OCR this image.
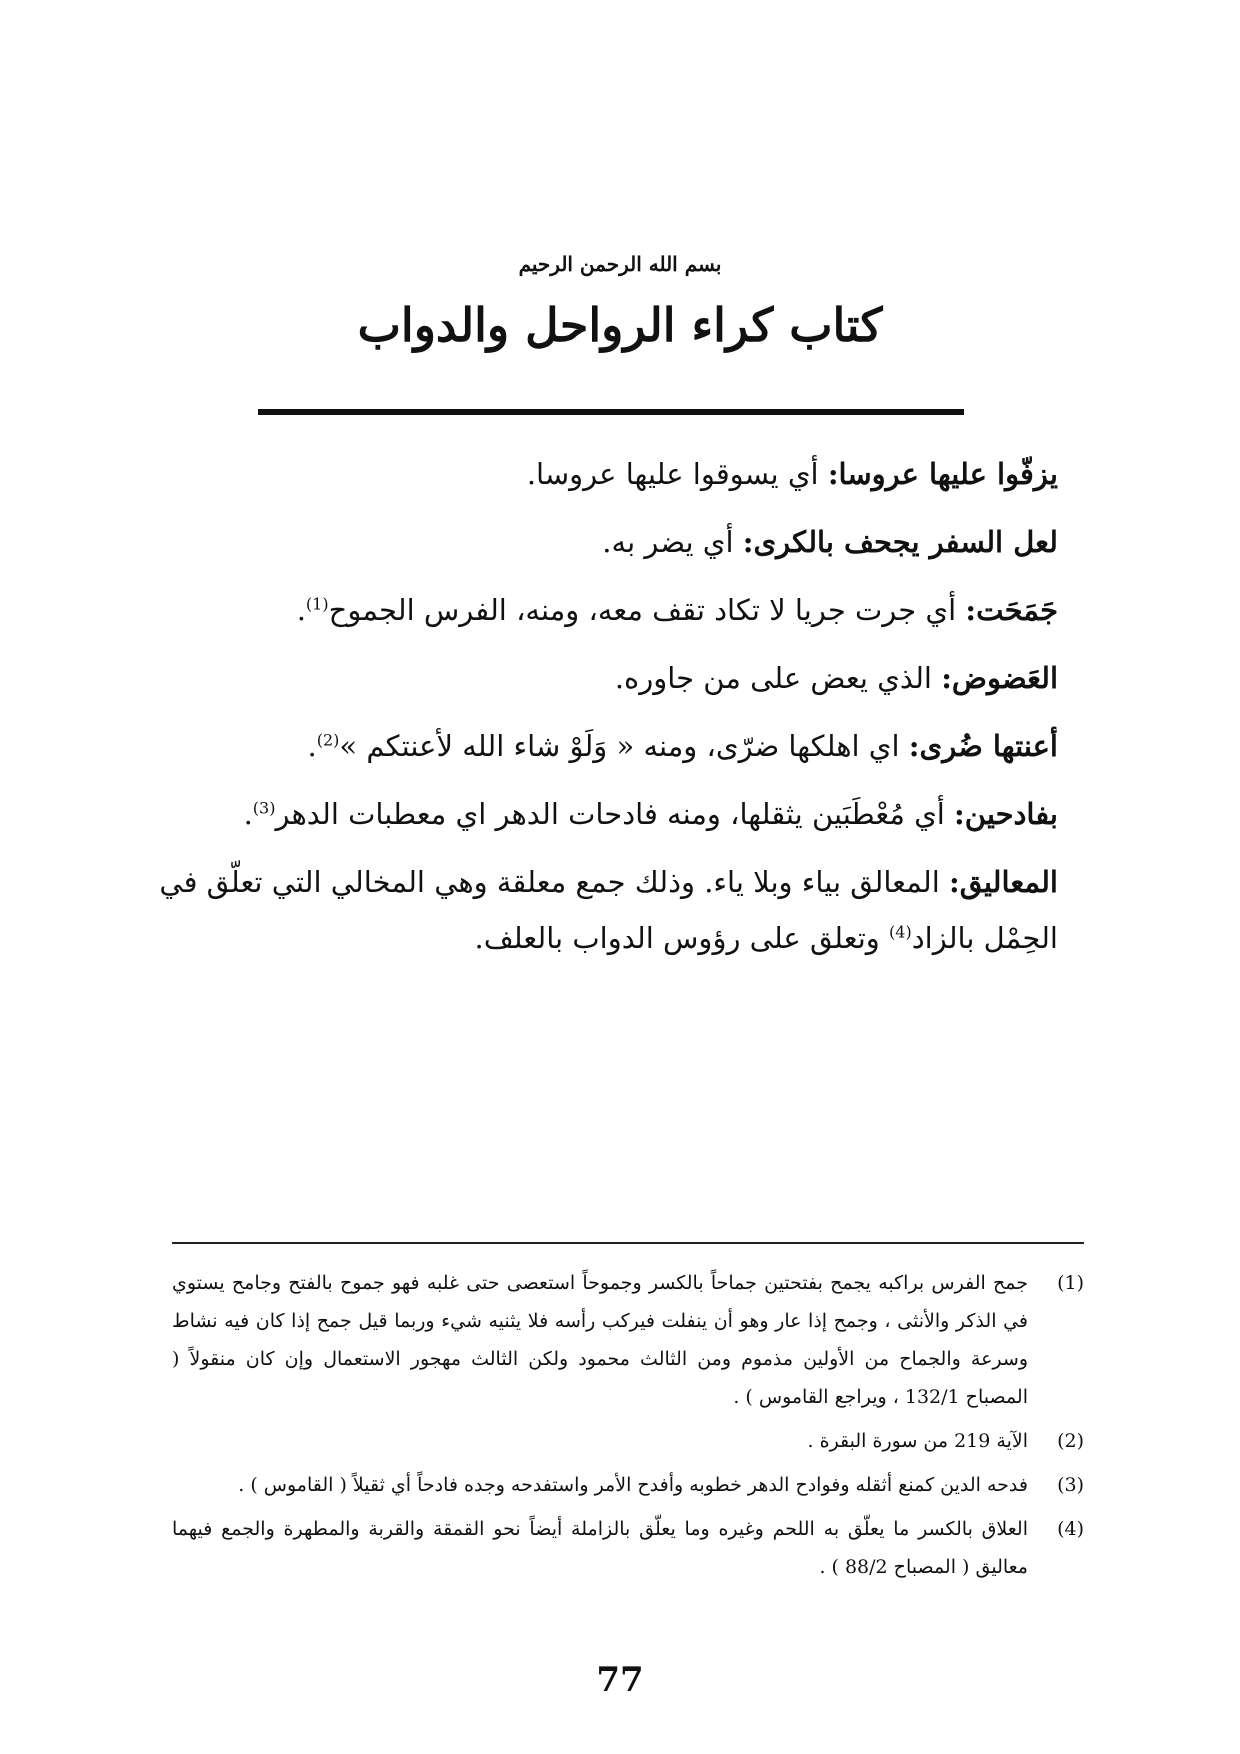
بسم الله الرحمن الرحيم
كتاب كراء الرواحل والدواب
يزفّوا عليها عروسا: أي يسوقوا عليها عروسا.
لعل السفر يجحف بالكرى: أي يضر به.
جَمَحَت: أي جرت جريا لا تكاد تقف معه، ومنه، الفرس الجموح$^{(1)}$.
العَضوض: الذي يعض على من جاوره.
أعنتها ضُرى: اي اهلكها ضرّى، ومنه « وَلَوْ شاء الله لأعنتكم »$^{(2)}$.
بفادحين: أي مُعْطَبَين يثقلها، ومنه فادحات الدهر اي معطبات الدهر$^{(3)}$.
المعاليق: المعالق بياء وبلا ياء. وذلك جمع معلقة وهي المخالي التي تعلّق في الحِمْل بالزاد$^{(4)}$ وتعلق على رؤوس الدواب بالعلف.
(1)
جمح الفرس براكبه يجمح بفتحتين جماحاً بالكسر وجموحاً استعصى حتى غلبه فهو جموح بالفتح وجامح يستوي في الذكر والأنثى ، وجمح إذا عار وهو أن ينفلت فيركب رأسه فلا يثنيه شيء وربما قيل جمح إذا كان فيه نشاط وسرعة والجماح من الأولين مذموم ومن الثالث محمود ولكن الثالث مهجور الاستعمال وإن كان منقولاً ( المصباح 132/1 ، ويراجع القاموس ) .
(2)
الآية 219 من سورة البقرة .
(3)
فدحه الدين كمنع أثقله وفوادح الدهر خطوبه وأفدح الأمر واستفدحه وجده فادحاً أي ثقيلاً ( القاموس ) .
(4)
العلاق بالكسر ما يعلّق به اللحم وغيره وما يعلّق بالزاملة أيضاً نحو القمقة والقربة والمطهرة والجمع فيهما معاليق ( المصباح 88/2 ) .
77
